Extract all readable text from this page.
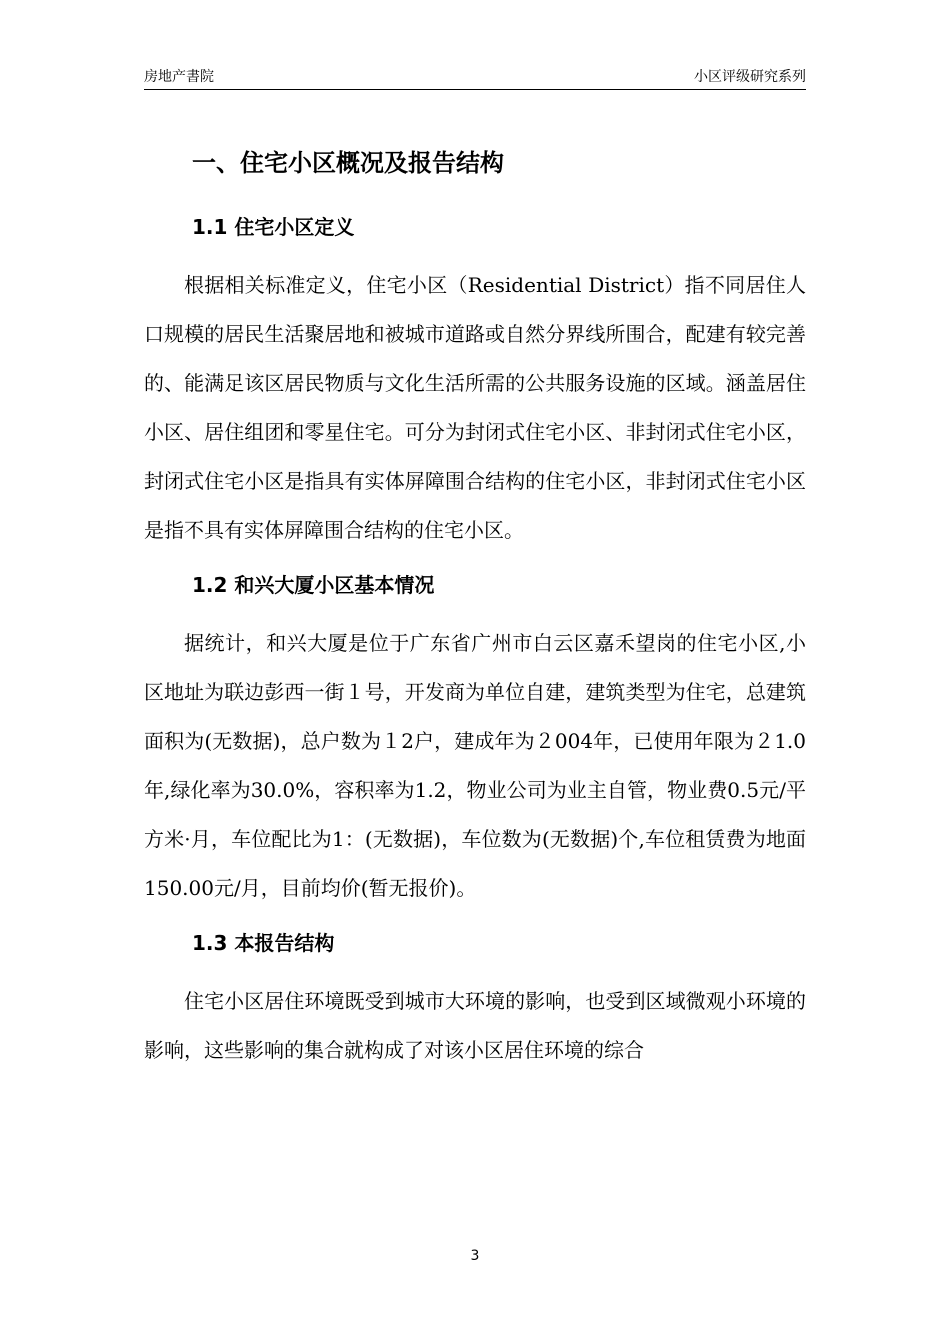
房地产書院	小区评级研究系列
一、住宅小区概况及报告结构
1.1 住宅小区定义

根据相关标准定义，住宅小区（Residential District）指不同居住人口规模的居民生活聚居地和被城市道路或自然分界线所围合，配建有较完善的、能满足该区居民物质与文化生活所需的公共服务设施的区域。涵盖居住小区、居住组团和零星住宅。可分为封闭式住宅小区、非封闭式住宅小区，封闭式住宅小区是指具有实体屏障围合结构的住宅小区，非封闭式住宅小区是指不具有实体屏障围合结构的住宅小区。

1.2 和兴大厦小区基本情况

据统计，和兴大厦是位于广东省广州市白云区嘉禾望岗的住宅小区,小区地址为联边彭西一街１号，开发商为单位自建，建筑类型为住宅，总建筑面积为(无数据)，总户数为１2户，建成年为２004年，已使用年限为２1.0年,绿化率为30.0%，容积率为1.2，物业公司为业主自管，物业费0.5元/平方米·月，车位配比为1：(无数据)，车位数为(无数据)个,车位租赁费为地面150.00元/月，目前均价(暂无报价)。

1.3 本报告结构

住宅小区居住环境既受到城市大环境的影响，也受到区域微观小环境的影响，这些影响的集合就构成了对该小区居住环境的综合

3
